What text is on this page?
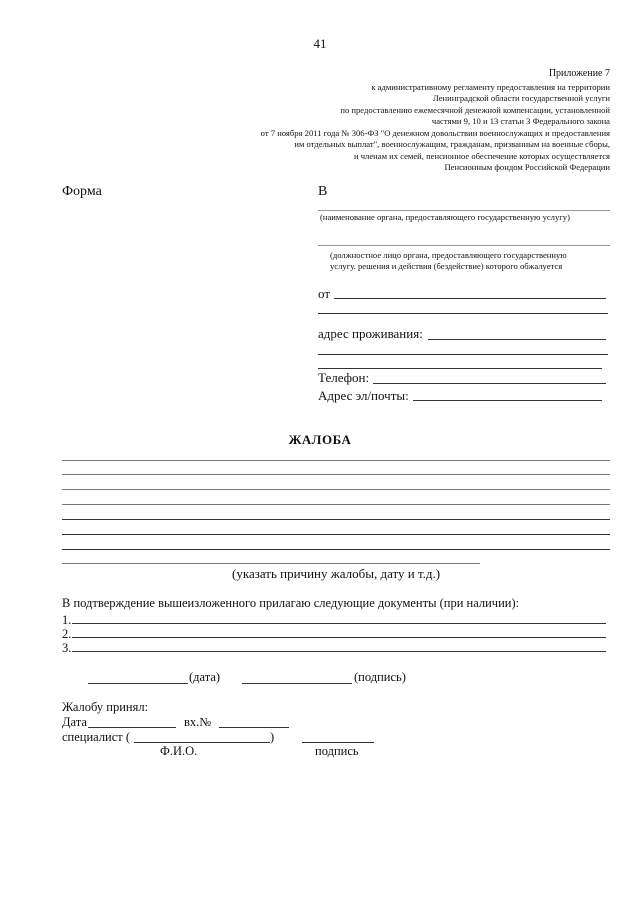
41
Приложение 7
к административному регламенту предоставления на территории
Ленинградской области государственной услуги
по предоставлению ежемесячной денежной компенсации, установленной
частями 9, 10 и 13 статьи 3 Федерального закона
от 7 ноября 2011 года № 306-ФЗ "О денежном довольствии военнослужащих и предоставления
им отдельных выплат", военнослужащим, гражданам, призванным на военные сборы,
и членам их семей, пенсионное обеспечение которых осуществляется
Пенсионным фондом Российской Федерации
Форма	В
(наименование органа, предоставляющего государственную услугу)
(должностное лицо органа, предоставляющего государственную
услугу. решения и действия (бездействие) которого обжалуется
от
адрес проживания:
Телефон:
Адрес эл/почты:
ЖАЛОБА
(указать причину жалобы, дату и т.д.)
В подтверждение вышеизложенного прилагаю следующие документы (при наличии):
1.
2.
3.
(дата)	(подпись)
Жалобу принял:
Дата	вх.№
специалист (	)
Ф.И.О.	подпись
